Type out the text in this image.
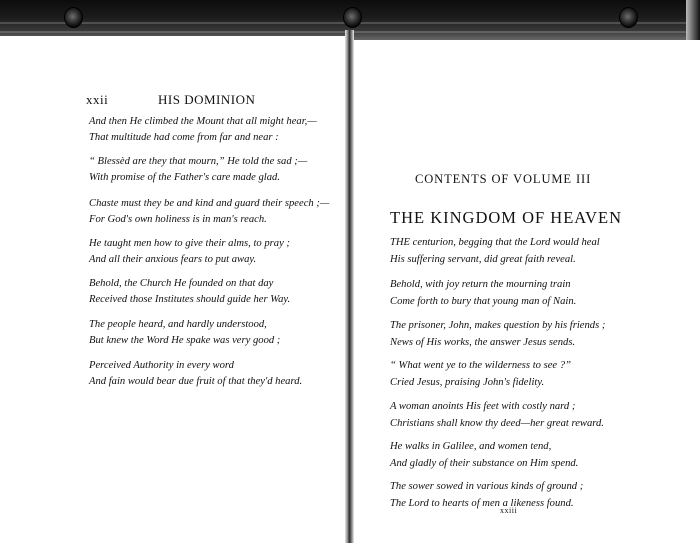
xxii	HIS DOMINION
And then He climbed the Mount that all might hear,—
That multitude had come from far and near :
“ Blessèd are they that mourn,” He told the sad ;—
With promise of the Father's care made glad.
Chaste must they be and kind and guard their speech ;—
For God's own holiness is in man's reach.
He taught men how to give their alms, to pray ;
And all their anxious fears to put away.
Behold, the Church He founded on that day
Received those Institutes should guide her Way.
The people heard, and hardly understood,
But knew the Word He spake was very good ;
Perceived Authority in every word
And fain would bear due fruit of that they'd heard.
CONTENTS OF VOLUME III
THE KINGDOM OF HEAVEN
THE centurion, begging that the Lord would heal
His suffering servant, did great faith reveal.
Behold, with joy return the mourning train
Come forth to bury that young man of Nain.
The prisoner, John, makes question by his friends ;
News of His works, the answer Jesus sends.
“ What went ye to the wilderness to see ?”
Cried Jesus, praising John's fidelity.
A woman anoints His feet with costly nard ;
Christians shall know thy deed—her great reward.
He walks in Galilee, and women tend,
And gladly of their substance on Him spend.
The sower sowed in various kinds of ground ;
The Lord to hearts of men a likeness found.
xxiii
